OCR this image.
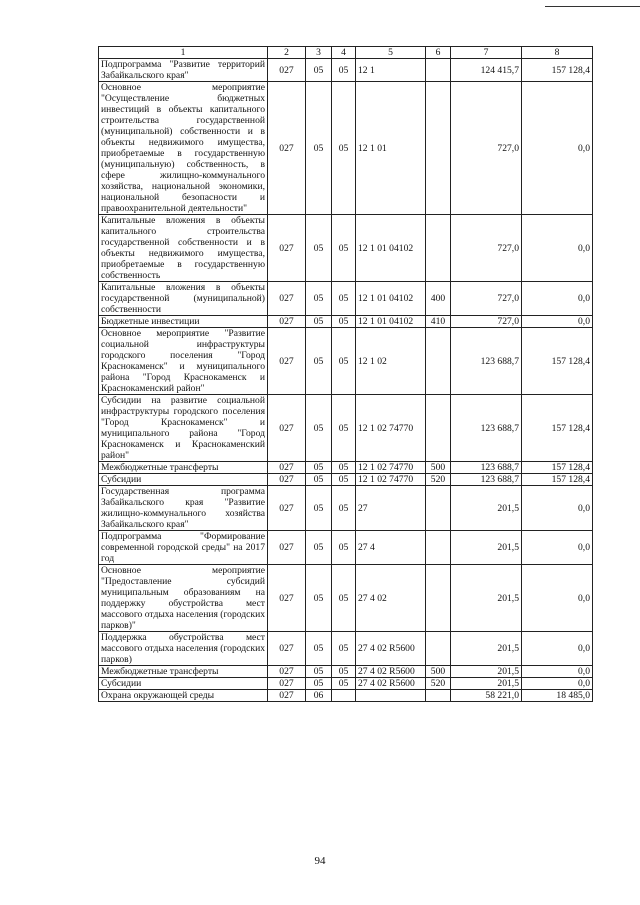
1	2	3	4	5	6	7	8
Подпрограмма "Развитие территорий Забайкальского края"	027	05	05	12 1		124 415,7	157 128,4
Основное мероприятие "Осуществление бюджетных инвестиций в объекты капитального строительства государственной (муниципальной) собственности и в объекты недвижимого имущества, приобретаемые в государственную (муниципальную) собственность, в сфере жилищно-коммунального хозяйства, национальной экономики, национальной безопасности и правоохранительной деятельности"	027	05	05	12 1 01		727,0	0,0
Капитальные вложения в объекты капитального строительства государственной собственности и в объекты недвижимого имущества, приобретаемые в государственную собственность	027	05	05	12 1 01 04102		727,0	0,0
Капитальные вложения в объекты государственной (муниципальной) собственности	027	05	05	12 1 01 04102	400	727,0	0,0
Бюджетные инвестиции	027	05	05	12 1 01 04102	410	727,0	0,0
Основное мероприятие "Развитие социальной инфраструктуры городского поселения "Город Краснокаменск" и муниципального района "Город Краснокаменск и Краснокаменский район"	027	05	05	12 1 02		123 688,7	157 128,4
Субсидии на развитие социальной инфраструктуры городского поселения "Город Краснокаменск" и муниципального района "Город Краснокаменск и Краснокаменский район"	027	05	05	12 1 02 74770		123 688,7	157 128,4
Межбюджетные трансферты	027	05	05	12 1 02 74770	500	123 688,7	157 128,4
Субсидии	027	05	05	12 1 02 74770	520	123 688,7	157 128,4
Государственная программа Забайкальского края "Развитие жилищно-коммунального хозяйства Забайкальского края"	027	05	05	27		201,5	0,0
Подпрограмма "Формирование современной городской среды" на 2017 год	027	05	05	27 4		201,5	0,0
Основное мероприятие "Предоставление субсидий муниципальным образованиям на поддержку обустройства мест массового отдыха населения (городских парков)"	027	05	05	27 4 02		201,5	0,0
Поддержка обустройства мест массового отдыха населения (городских парков)	027	05	05	27 4 02 R5600		201,5	0,0
Межбюджетные трансферты	027	05	05	27 4 02 R5600	500	201,5	0,0
Субсидии	027	05	05	27 4 02 R5600	520	201,5	0,0
Охрана окружающей среды	027	06				58 221,0	18 485,0
94
